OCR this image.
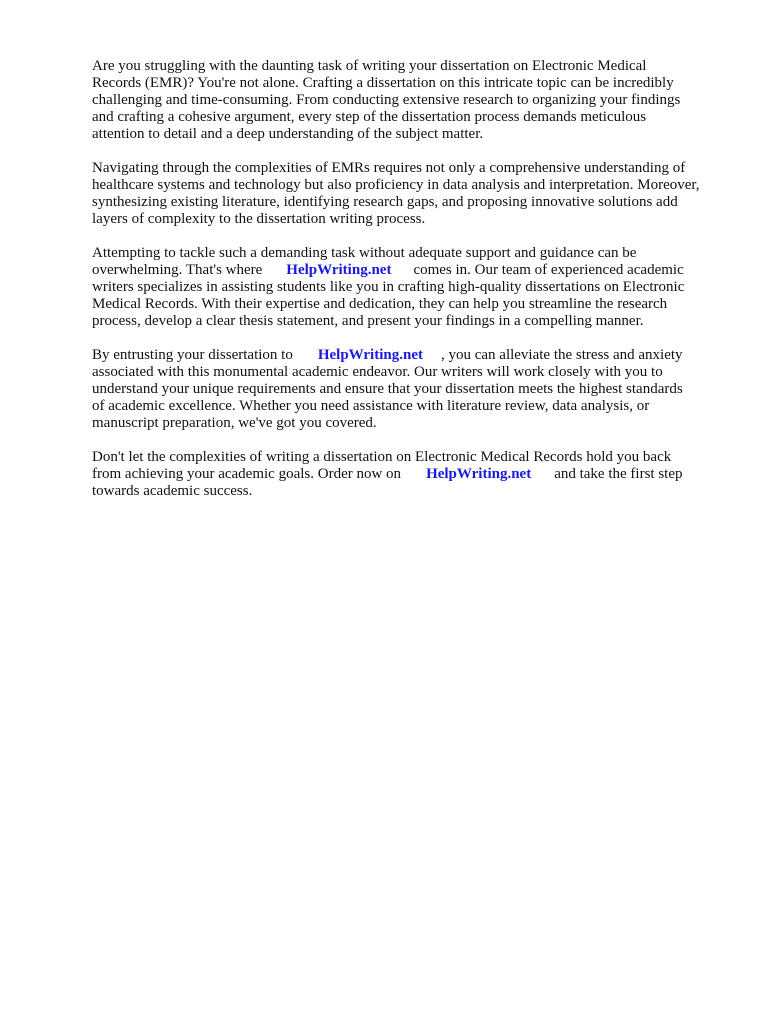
Are you struggling with the daunting task of writing your dissertation on Electronic Medical
Records (EMR)? You're not alone. Crafting a dissertation on this intricate topic can be incredibly
challenging and time-consuming. From conducting extensive research to organizing your findings
and crafting a cohesive argument, every step of the dissertation process demands meticulous
attention to detail and a deep understanding of the subject matter.
Navigating through the complexities of EMRs requires not only a comprehensive understanding of
healthcare systems and technology but also proficiency in data analysis and interpretation. Moreover,
synthesizing existing literature, identifying research gaps, and proposing innovative solutions add
layers of complexity to the dissertation writing process.
Attempting to tackle such a demanding task without adequate support and guidance can be
overwhelming. That's where HelpWriting.net comes in. Our team of experienced academic
writers specializes in assisting students like you in crafting high-quality dissertations on Electronic
Medical Records. With their expertise and dedication, they can help you streamline the research
process, develop a clear thesis statement, and present your findings in a compelling manner.
By entrusting your dissertation to HelpWriting.net , you can alleviate the stress and anxiety
associated with this monumental academic endeavor. Our writers will work closely with you to
understand your unique requirements and ensure that your dissertation meets the highest standards
of academic excellence. Whether you need assistance with literature review, data analysis, or
manuscript preparation, we've got you covered.
Don't let the complexities of writing a dissertation on Electronic Medical Records hold you back
from achieving your academic goals. Order now on HelpWriting.net and take the first step
towards academic success.
